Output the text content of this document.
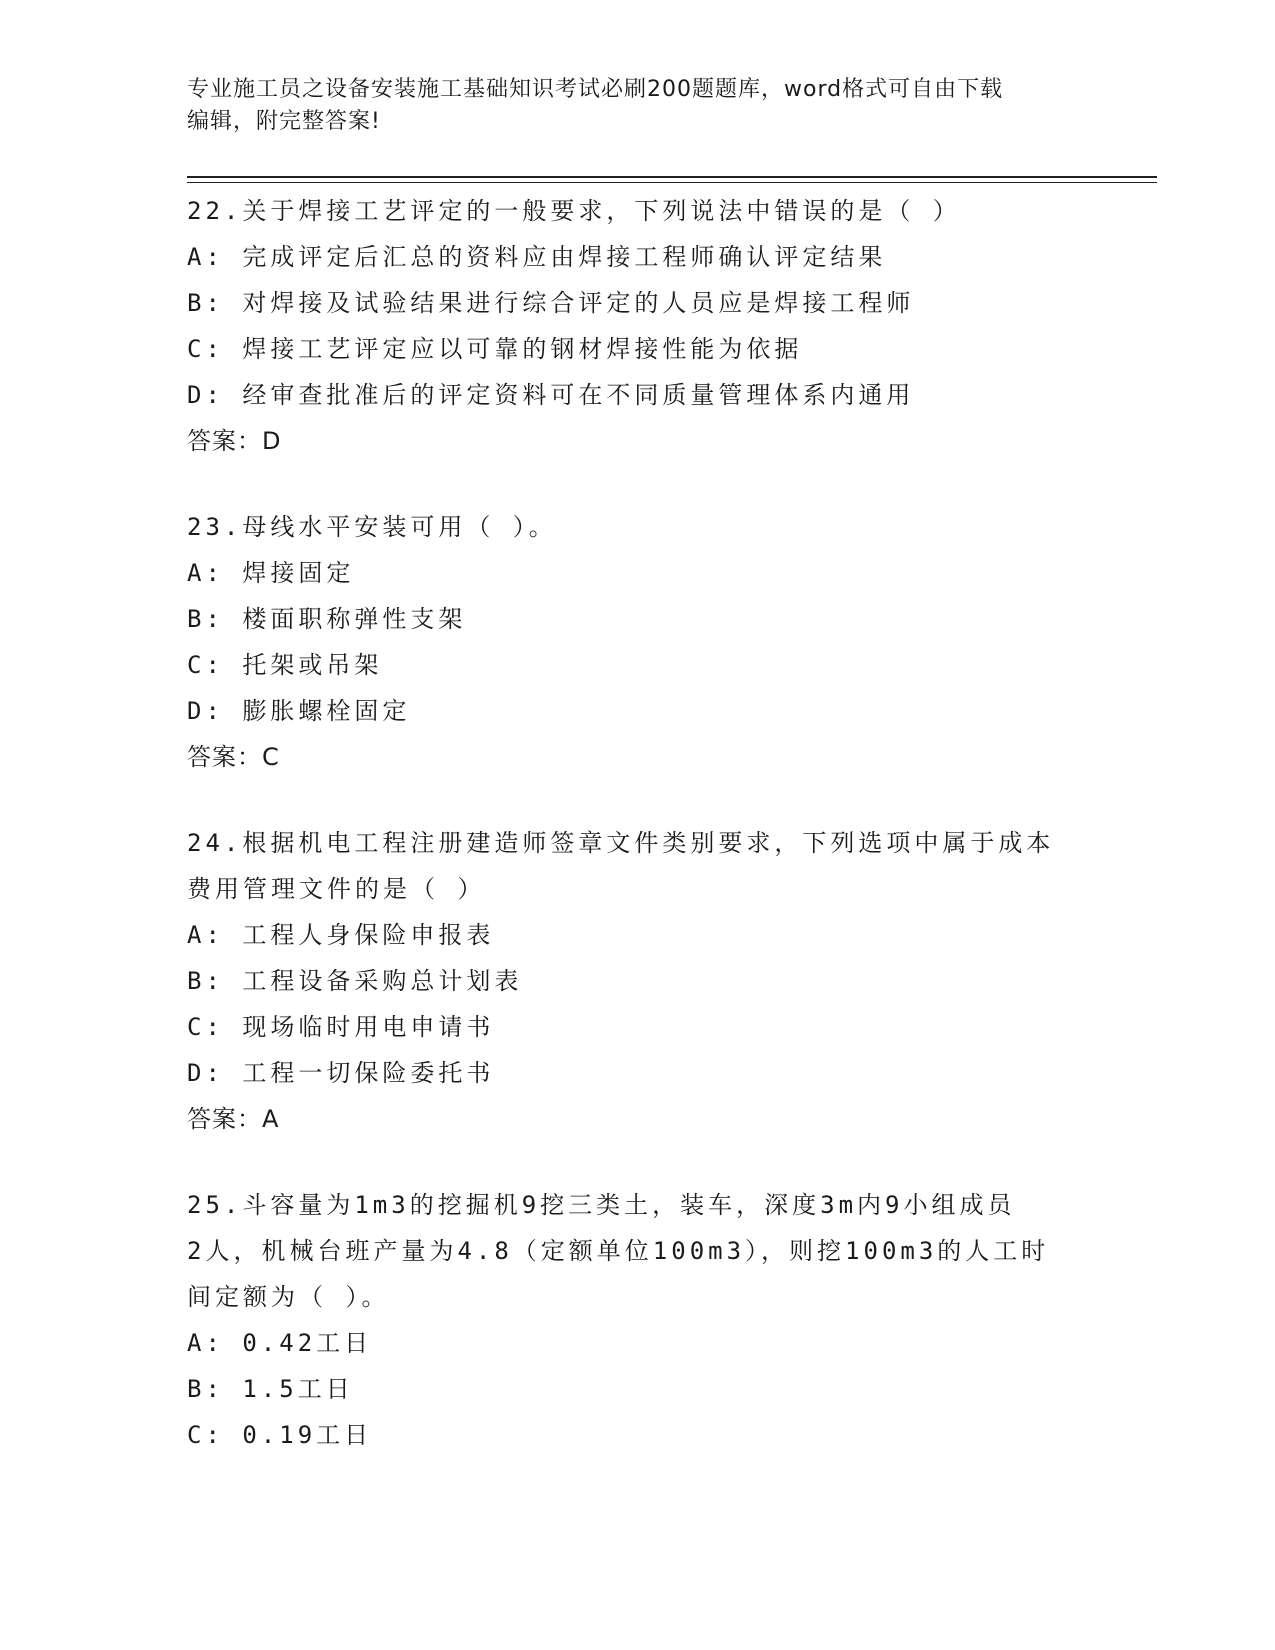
专业施工员之设备安装施工基础知识考试必刷200题题库，word格式可自由下载
编辑，附完整答案!
22.关于焊接工艺评定的一般要求，下列说法中错误的是（ ）
A: 完成评定后汇总的资料应由焊接工程师确认评定结果
B: 对焊接及试验结果进行综合评定的人员应是焊接工程师
C: 焊接工艺评定应以可靠的钢材焊接性能为依据
D: 经审查批准后的评定资料可在不同质量管理体系内通用
答案：D
23.母线水平安装可用（ ）。
A: 焊接固定
B: 楼面职称弹性支架
C: 托架或吊架
D: 膨胀螺栓固定
答案：C
24.根据机电工程注册建造师签章文件类别要求，下列选项中属于成本
费用管理文件的是（ ）
A: 工程人身保险申报表
B: 工程设备采购总计划表
C: 现场临时用电申请书
D: 工程一切保险委托书
答案：A
25.斗容量为1m3的挖掘机9挖三类土，装车，深度3m内9小组成员
2人，机械台班产量为4.8（定额单位100m3），则挖100m3的人工时
间定额为（ ）。
A: 0.42工日
B: 1.5工日
C: 0.19工日
